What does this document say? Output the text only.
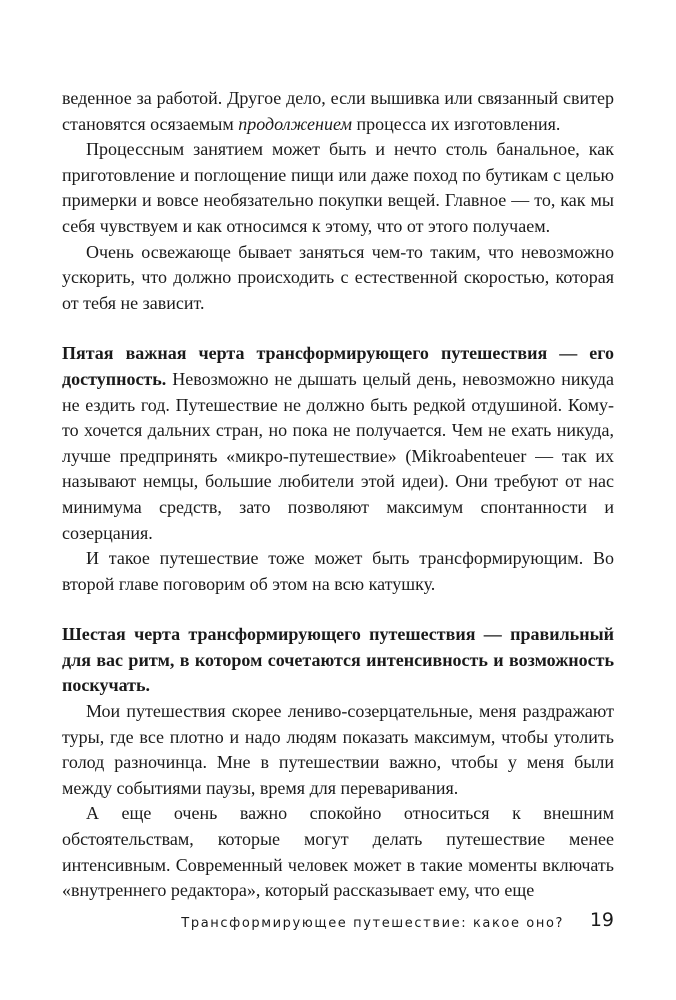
веденное за работой. Другое дело, если вышивка или связанный свитер становятся осязаемым продолжением процесса их изготовления.

Процессным занятием может быть и нечто столь банальное, как приготовление и поглощение пищи или даже поход по бутикам с целью примерки и вовсе необязательно покупки вещей. Главное — то, как мы себя чувствуем и как относимся к этому, что от этого получаем.

Очень освежающе бывает заняться чем-то таким, что невозможно ускорить, что должно происходить с естественной скоростью, которая от тебя не зависит.

Пятая важная черта трансформирующего путешествия — его доступность. Невозможно не дышать целый день, невозможно никуда не ездить год. Путешествие не должно быть редкой отдушиной. Кому-то хочется дальних стран, но пока не получается. Чем не ехать никуда, лучше предпринять «микро-путешествие» (Mikroabenteuer — так их называют немцы, большие любители этой идеи). Они требуют от нас минимума средств, зато позволяют максимум спонтанности и созерцания.

И такое путешествие тоже может быть трансформирующим. Во второй главе поговорим об этом на всю катушку.

Шестая черта трансформирующего путешествия — правильный для вас ритм, в котором сочетаются интенсивность и возможность поскучать.

Мои путешествия скорее лениво-созерцательные, меня раздражают туры, где все плотно и надо людям показать максимум, чтобы утолить голод разночинца. Мне в путешествии важно, чтобы у меня были между событиями паузы, время для переваривания.

А еще очень важно спокойно относиться к внешним обстоятельствам, которые могут делать путешествие менее интенсивным. Современный человек может в такие моменты включать «внутреннего редактора», который рассказывает ему, что еще

Трансформирующее путешествие: какое оно? 19
